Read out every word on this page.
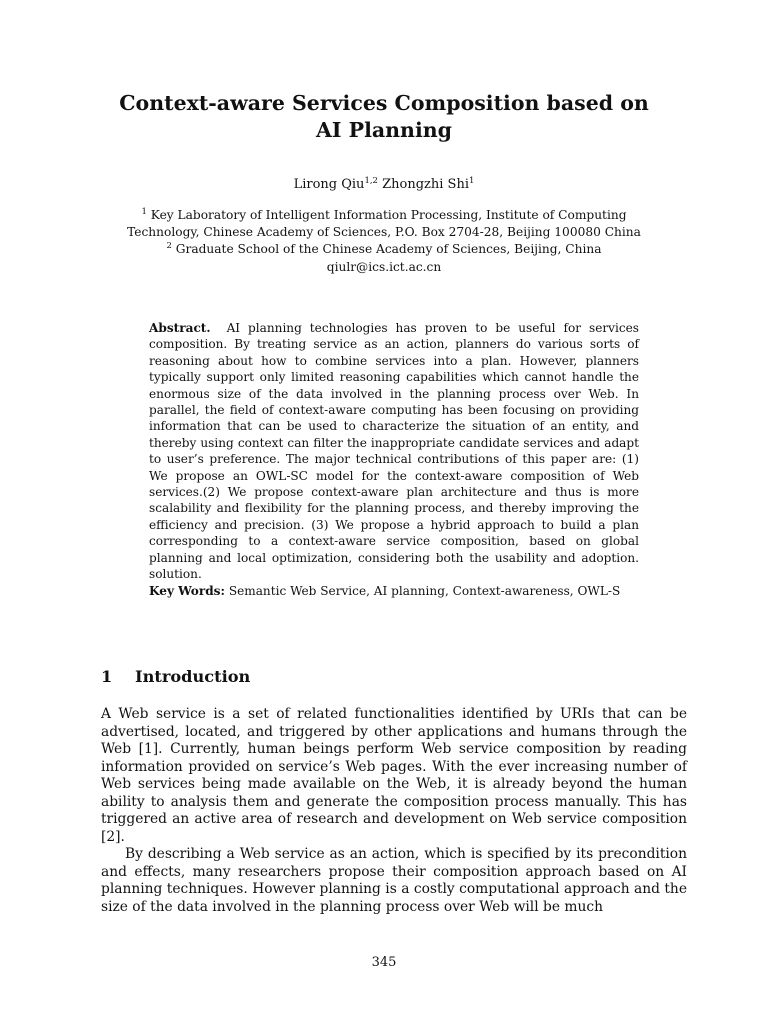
Context-aware Services Composition based on
AI Planning
Lirong Qiu$^{1,2}$ Zhongzhi Shi$^1$
$^1$ Key Laboratory of Intelligent Information Processing, Institute of Computing
Technology, Chinese Academy of Sciences, P.O. Box 2704-28, Beijing 100080 China
$^2$ Graduate School of the Chinese Academy of Sciences, Beijing, China
qiulr@ics.ict.ac.cn

Abstract. AI planning technologies has proven to be useful for services composition. By treating service as an action, planners do various sorts of reasoning about how to combine services into a plan. However, planners typically support only limited reasoning capabilities which cannot handle the enormous size of the data involved in the planning process over Web. In parallel, the field of context-aware computing has been focusing on providing information that can be used to characterize the situation of an entity, and thereby using context can filter the inappropriate candidate services and adapt to user’s preference. The major technical contributions of this paper are: (1) We propose an OWL-SC model for the context-aware composition of Web services.(2) We propose context-aware plan architecture and thus is more scalability and flexibility for the planning process, and thereby improving the efficiency and precision. (3) We propose a hybrid approach to build a plan corresponding to a context-aware service composition, based on global planning and local optimization, considering both the usability and adoption. solution.

Key Words: Semantic Web Service, AI planning, Context-awareness, OWL-S

1 Introduction

A Web service is a set of related functionalities identified by URIs that can be advertised, located, and triggered by other applications and humans through the Web [1]. Currently, human beings perform Web service composition by reading information provided on service’s Web pages. With the ever increasing number of Web services being made available on the Web, it is already beyond the human ability to analysis them and generate the composition process manually. This has triggered an active area of research and development on Web service composition [2].

By describing a Web service as an action, which is specified by its precondition and effects, many researchers propose their composition approach based on AI planning techniques. However planning is a costly computational approach and the size of the data involved in the planning process over Web will be much

345
